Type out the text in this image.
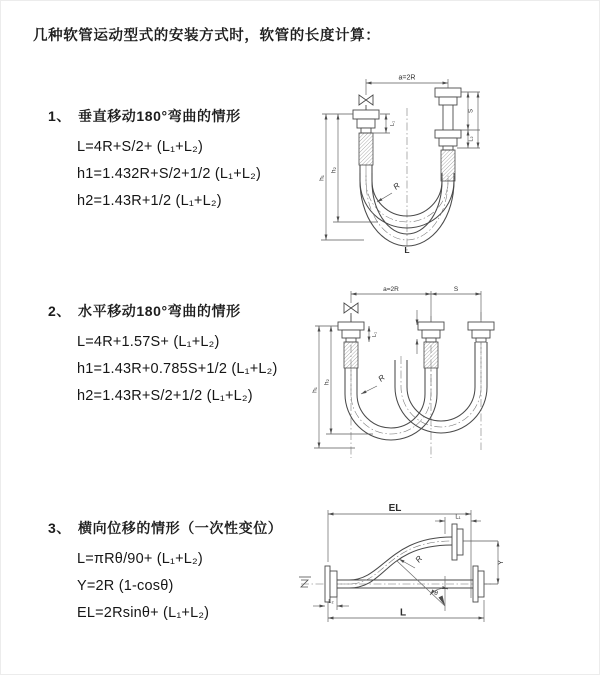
几种软管运动型式的安装方式时，软管的长度计算：
1、 垂直移动180°弯曲的情形
L=4R+S/2+ (L₁+L₂)
h1=1.432R+S/2+1/2 (L₁+L₂)
h2=1.43R+1/2 (L₁+L₂)
2、 水平移动180°弯曲的情形
L=4R+1.57S+ (L₁+L₂)
h1=1.43R+0.785S+1/2 (L₁+L₂)
h2=1.43R+S/2+1/2 (L₁+L₂)
3、 横向位移的情形（一次性变位）
L=πRθ/90+ (L₁+L₂)
Y=2R (1-cosθ)
EL=2Rsinθ+ (L₁+L₂)
a=2R
L₁
h₂
h₁
S
L₂
R
L
a=2R	S
L₁
h₂
h₁
R
θ
EL
L₁
Y
R
L
L₂
